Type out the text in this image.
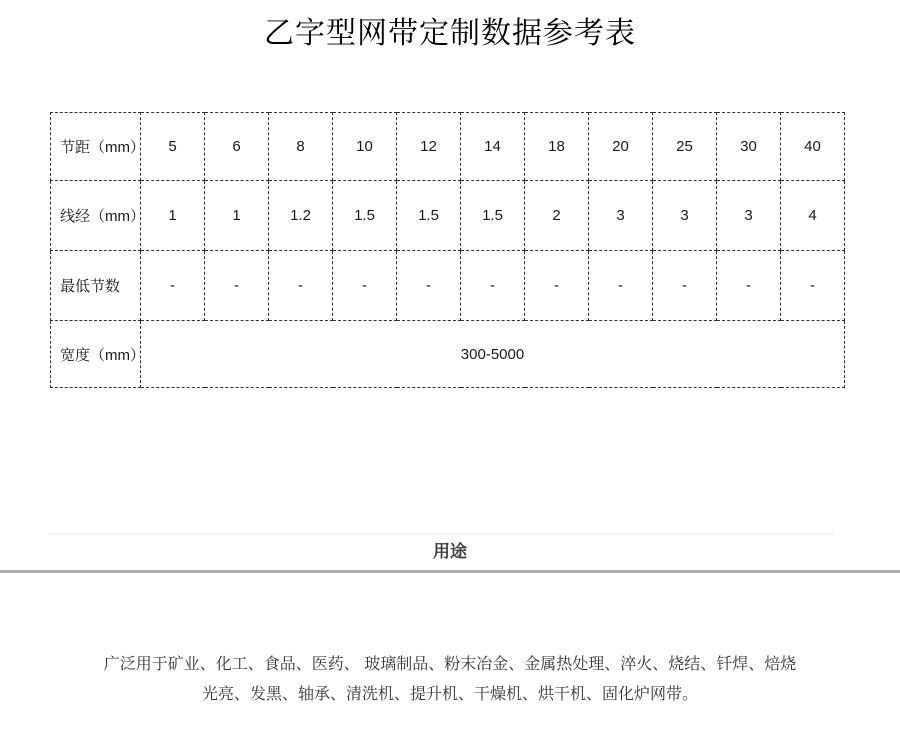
乙字型网带定制数据参考表
节距（mm）	5	6	8	10	12	14	18	20	25	30	40
线经（mm）	1	1	1.2	1.5	1.5	1.5	2	3	3	3	4
最低节数	-	-	-	-	-	-	-	-	-	-	-
宽度（mm）	300-5000										
用途

广泛用于矿业、化工、食品、医药、 玻璃制品、粉末冶金、金属热处理、淬火、烧结、钎焊、焙烧
光亮、发黑、轴承、清洗机、提升机、干燥机、烘干机、固化炉网带。
